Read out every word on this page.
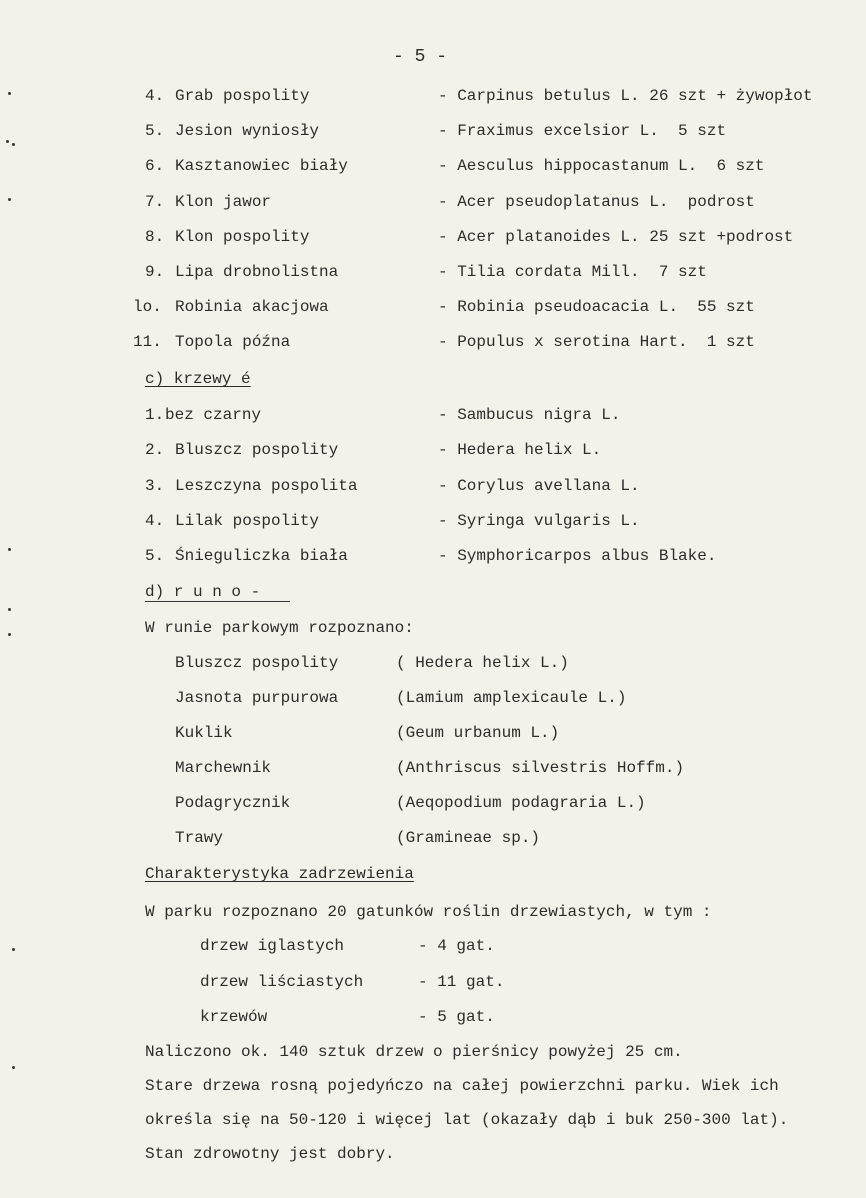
- 5 -
4. Grab pospolity	- Carpinus betulus L. 26 szt + żywopłot
5. Jesion wyniosły	- Fraximus excelsior L.  5 szt
6. Kasztanowiec biały	- Aesculus hippocastanum L.  6 szt
7. Klon jawor	- Acer pseudoplatanus L.  podrost
8. Klon pospolity	- Acer platanoides L. 25 szt +podrost
9. Lipa drobnolistna	- Tilia cordata Mill.  7 szt
lo. Robinia akacjowa	- Robinia pseudoacacia L.  55 szt
11. Topola późna	- Populus x serotina Hart.  1 szt
c) krzewy é
1. bez czarny	- Sambucus nigra L.
2. Bluszcz pospolity	- Hedera helix L.
3. Leszczyna pospolita	- Corylus avellana L.
4. Lilak pospolity	- Syringa vulgaris L.
5. Śnieguliczka biała	- Symphoricarpos albus Blake.
d) r u n o -
W runie parkowym rozpoznano:
Bluszcz pospolity	( Hedera helix L.)
Jasnota purpurowa	(Lamium amplexicaule L.)
Kuklik	(Geum urbanum L.)
Marchewnik	(Anthriscus silvestris Hoffm.)
Podagrycznik	(Aeqopodium podagraria L.)
Trawy	(Gramineae sp.)
Charakterystyka zadrzewienia
W parku rozpoznano 20 gatunków roślin drzewiastych, w tym :
drzew iglastych	- 4 gat.
drzew liściastych	- 11 gat.
krzewów	- 5 gat.
Naliczono ok. 140 sztuk drzew o pierśnicy powyżej 25 cm.
Stare drzewa rosną pojedyńczo na całej powierzchni parku. Wiek ich
określa się na 50-120 i więcej lat (okazały dąb i buk 250-300 lat).
Stan zdrowotny jest dobry.
